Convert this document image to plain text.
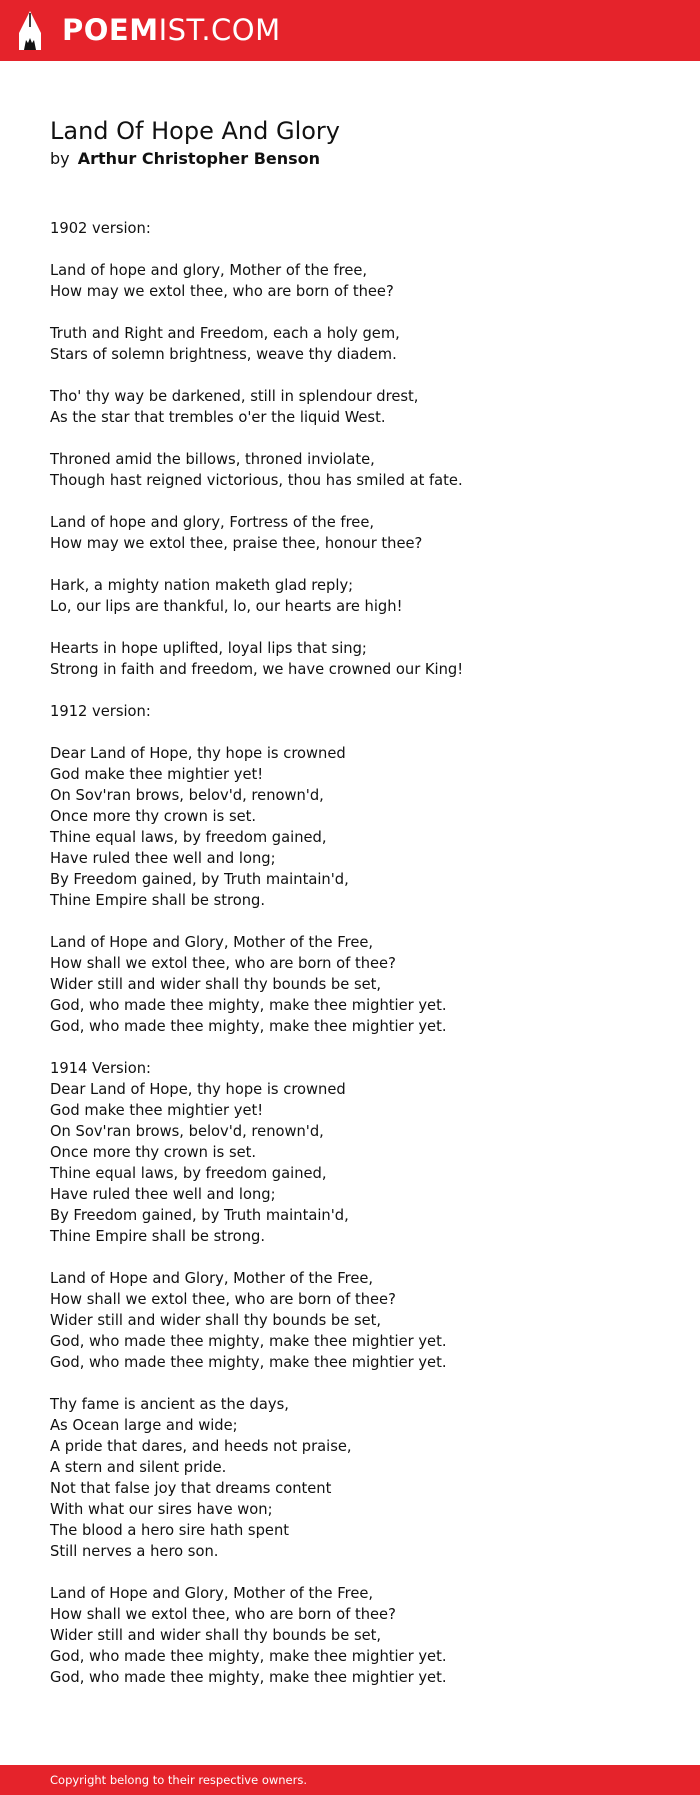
POEMIST.COM
Land Of Hope And Glory
by Arthur Christopher Benson
1902 version:

Land of hope and glory, Mother of the free,
How may we extol thee, who are born of thee?

Truth and Right and Freedom, each a holy gem,
Stars of solemn brightness, weave thy diadem.

Tho' thy way be darkened, still in splendour drest,
As the star that trembles o'er the liquid West.

Throned amid the billows, throned inviolate,
Though hast reigned victorious, thou has smiled at fate.

Land of hope and glory, Fortress of the free,
How may we extol thee, praise thee, honour thee?

Hark, a mighty nation maketh glad reply;
Lo, our lips are thankful, lo, our hearts are high!

Hearts in hope uplifted, loyal lips that sing;
Strong in faith and freedom, we have crowned our King!

1912 version:

Dear Land of Hope, thy hope is crowned
God make thee mightier yet!
On Sov'ran brows, belov'd, renown'd,
Once more thy crown is set.
Thine equal laws, by freedom gained,
Have ruled thee well and long;
By Freedom gained, by Truth maintain'd,
Thine Empire shall be strong.

Land of Hope and Glory, Mother of the Free,
How shall we extol thee, who are born of thee?
Wider still and wider shall thy bounds be set,
God, who made thee mighty, make thee mightier yet.
God, who made thee mighty, make thee mightier yet.

1914 Version:
Dear Land of Hope, thy hope is crowned
God make thee mightier yet!
On Sov'ran brows, belov'd, renown'd,
Once more thy crown is set.
Thine equal laws, by freedom gained,
Have ruled thee well and long;
By Freedom gained, by Truth maintain'd,
Thine Empire shall be strong.

Land of Hope and Glory, Mother of the Free,
How shall we extol thee, who are born of thee?
Wider still and wider shall thy bounds be set,
God, who made thee mighty, make thee mightier yet.
God, who made thee mighty, make thee mightier yet.

Thy fame is ancient as the days,
As Ocean large and wide;
A pride that dares, and heeds not praise,
A stern and silent pride.
Not that false joy that dreams content
With what our sires have won;
The blood a hero sire hath spent
Still nerves a hero son.

Land of Hope and Glory, Mother of the Free,
How shall we extol thee, who are born of thee?
Wider still and wider shall thy bounds be set,
God, who made thee mighty, make thee mightier yet.
God, who made thee mighty, make thee mightier yet.
Copyright belong to their respective owners.
